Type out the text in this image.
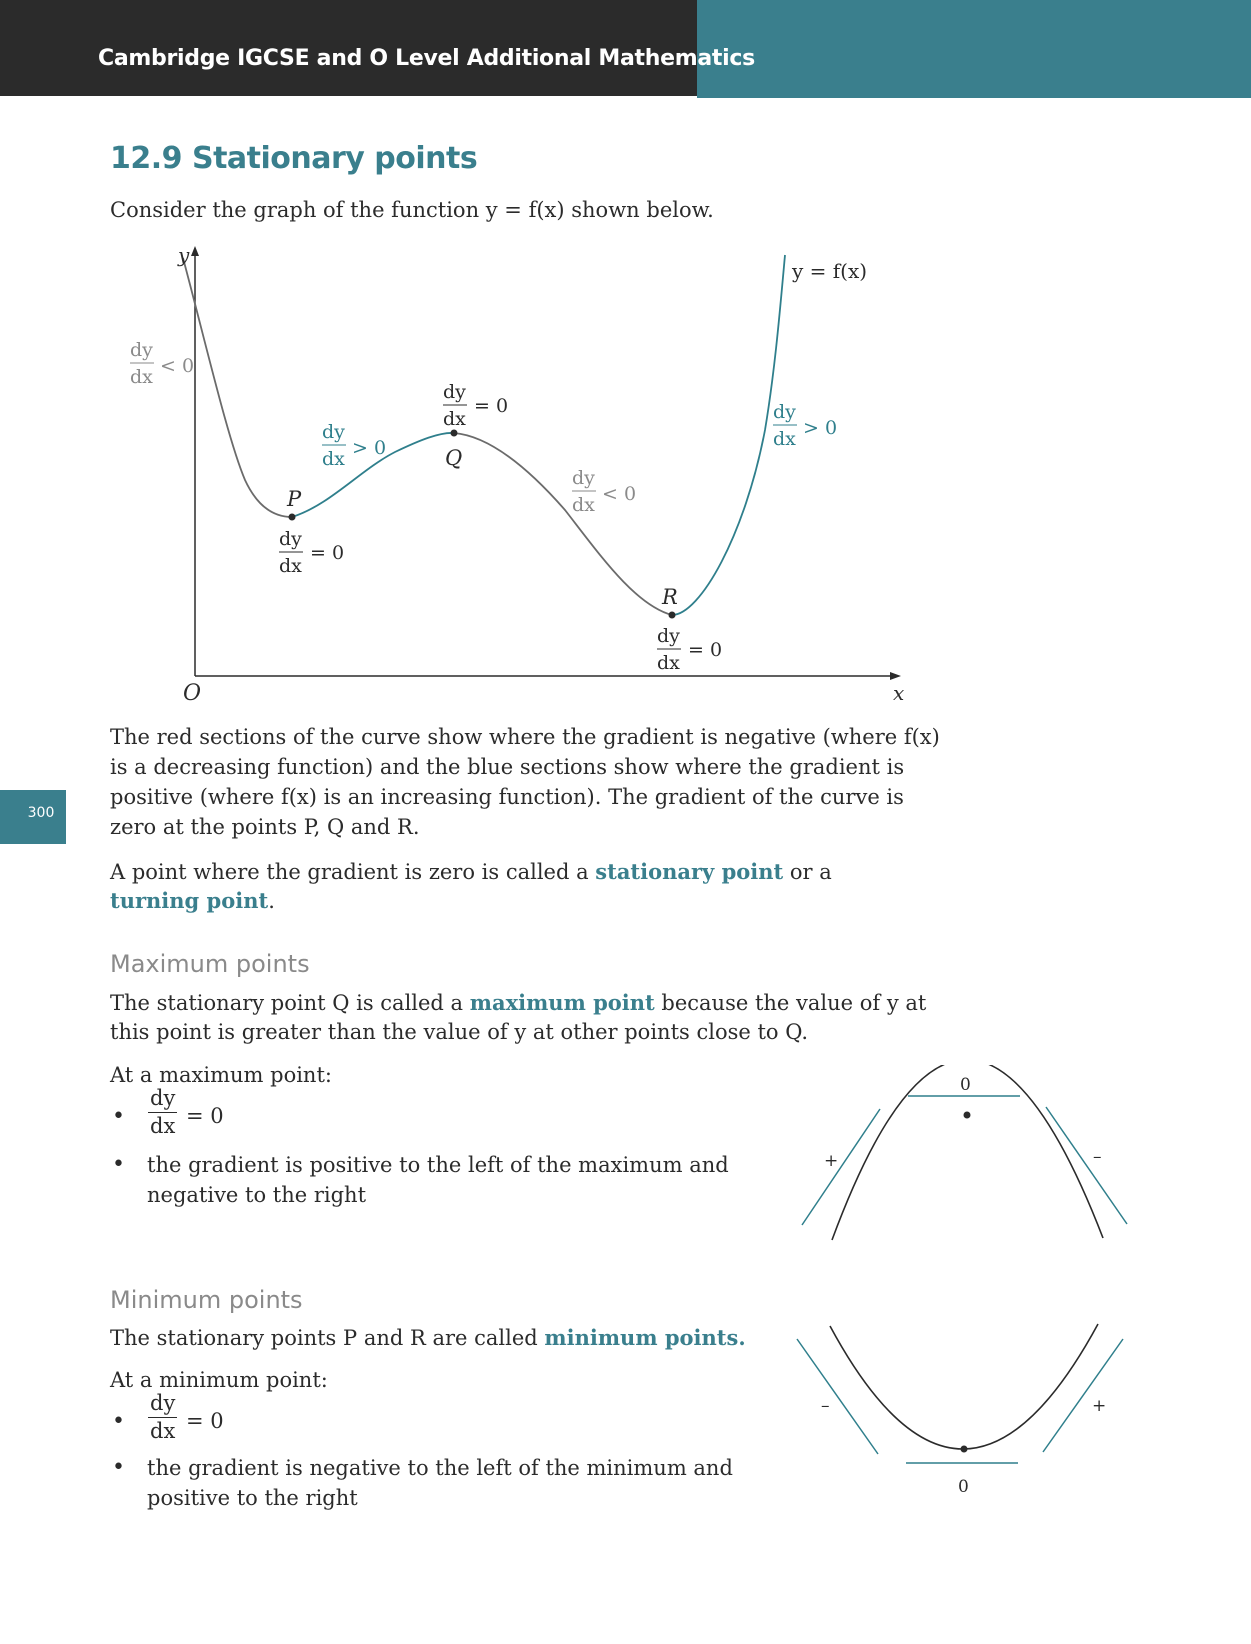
Cambridge IGCSE and O Level Additional Mathematics
300
12.9 Stationary points
Consider the graph of the function y = f(x) shown below.
y
x
O
y = f(x)
P
Q
R
dy
dx < 0
dy
dx < 0
dy
dx > 0
dy
dx > 0
dy
dx
= 0
dy
dx
= 0
dy
dx
= 0
The red sections of the curve show where the gradient is negative (where f(x)
is a decreasing function) and the blue sections show where the gradient is
positive (where f(x) is an increasing function). The gradient of the curve is
zero at the points P, Q and R.
A point where the gradient is zero is called a stationary point or a
turning point.
Maximum points
The stationary point Q is called a maximum point because the value of y at
this point is greater than the value of y at other points close to Q.
At a maximum point:
•
dy
dx = 0
• the gradient is positive to the left of the maximum and
negative to the right
0
+	–
Minimum points
The stationary points P and R are called minimum points.
At a minimum point:
•
dy
dx = 0
• the gradient is negative to the left of the minimum and
positive to the right	0
–	+
